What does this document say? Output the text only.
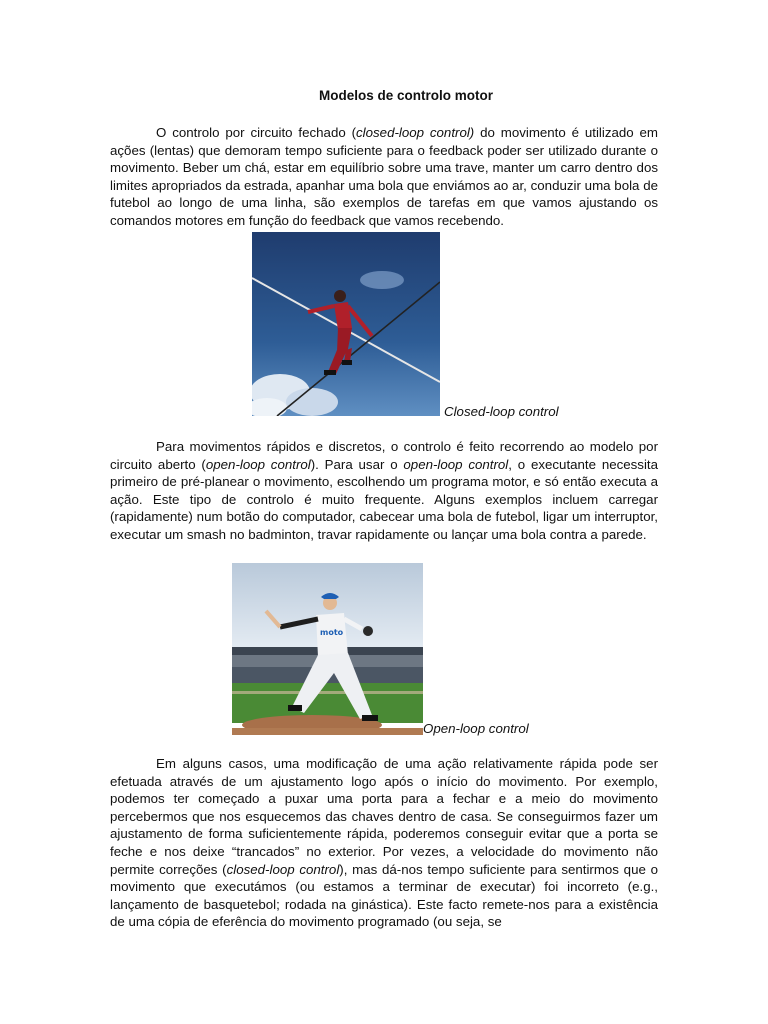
Modelos de controlo motor

O controlo por circuito fechado (closed-loop control) do movimento é utilizado em ações (lentas) que demoram tempo suficiente para o feedback poder ser utilizado durante o movimento. Beber um chá, estar em equilíbrio sobre uma trave, manter um carro dentro dos limites apropriados da estrada, apanhar uma bola que enviámos ao ar, conduzir uma bola de futebol ao longo de uma linha, são exemplos de tarefas em que vamos ajustando os comandos motores em função do feedback que vamos recebendo.

Closed-loop control

Para movimentos rápidos e discretos, o controlo é feito recorrendo ao modelo por circuito aberto (open-loop control). Para usar o open-loop control, o executante necessita primeiro de pré-planear o movimento, escolhendo um programa motor, e só então executa a ação. Este tipo de controlo é muito frequente. Alguns exemplos incluem carregar (rapidamente) num botão do computador, cabecear uma bola de futebol, ligar um interruptor, executar um smash no badminton, travar rapidamente ou lançar uma bola contra a parede.

moto
Open-loop control

Em alguns casos, uma modificação de uma ação relativamente rápida pode ser efetuada através de um ajustamento logo após o início do movimento. Por exemplo, podemos ter começado a puxar uma porta para a fechar e a meio do movimento percebermos que nos esquecemos das chaves dentro de casa. Se conseguirmos fazer um ajustamento de forma suficientemente rápida, poderemos conseguir evitar que a porta se feche e nos deixe “trancados” no exterior. Por vezes, a velocidade do movimento não permite correções (closed-loop control), mas dá-nos tempo suficiente para sentirmos que o movimento que executámos (ou estamos a terminar de executar) foi incorreto (e.g., lançamento de basquetebol; rodada na ginástica). Este facto remete-nos para a existência de uma cópia de eferência do movimento programado (ou seja, se
